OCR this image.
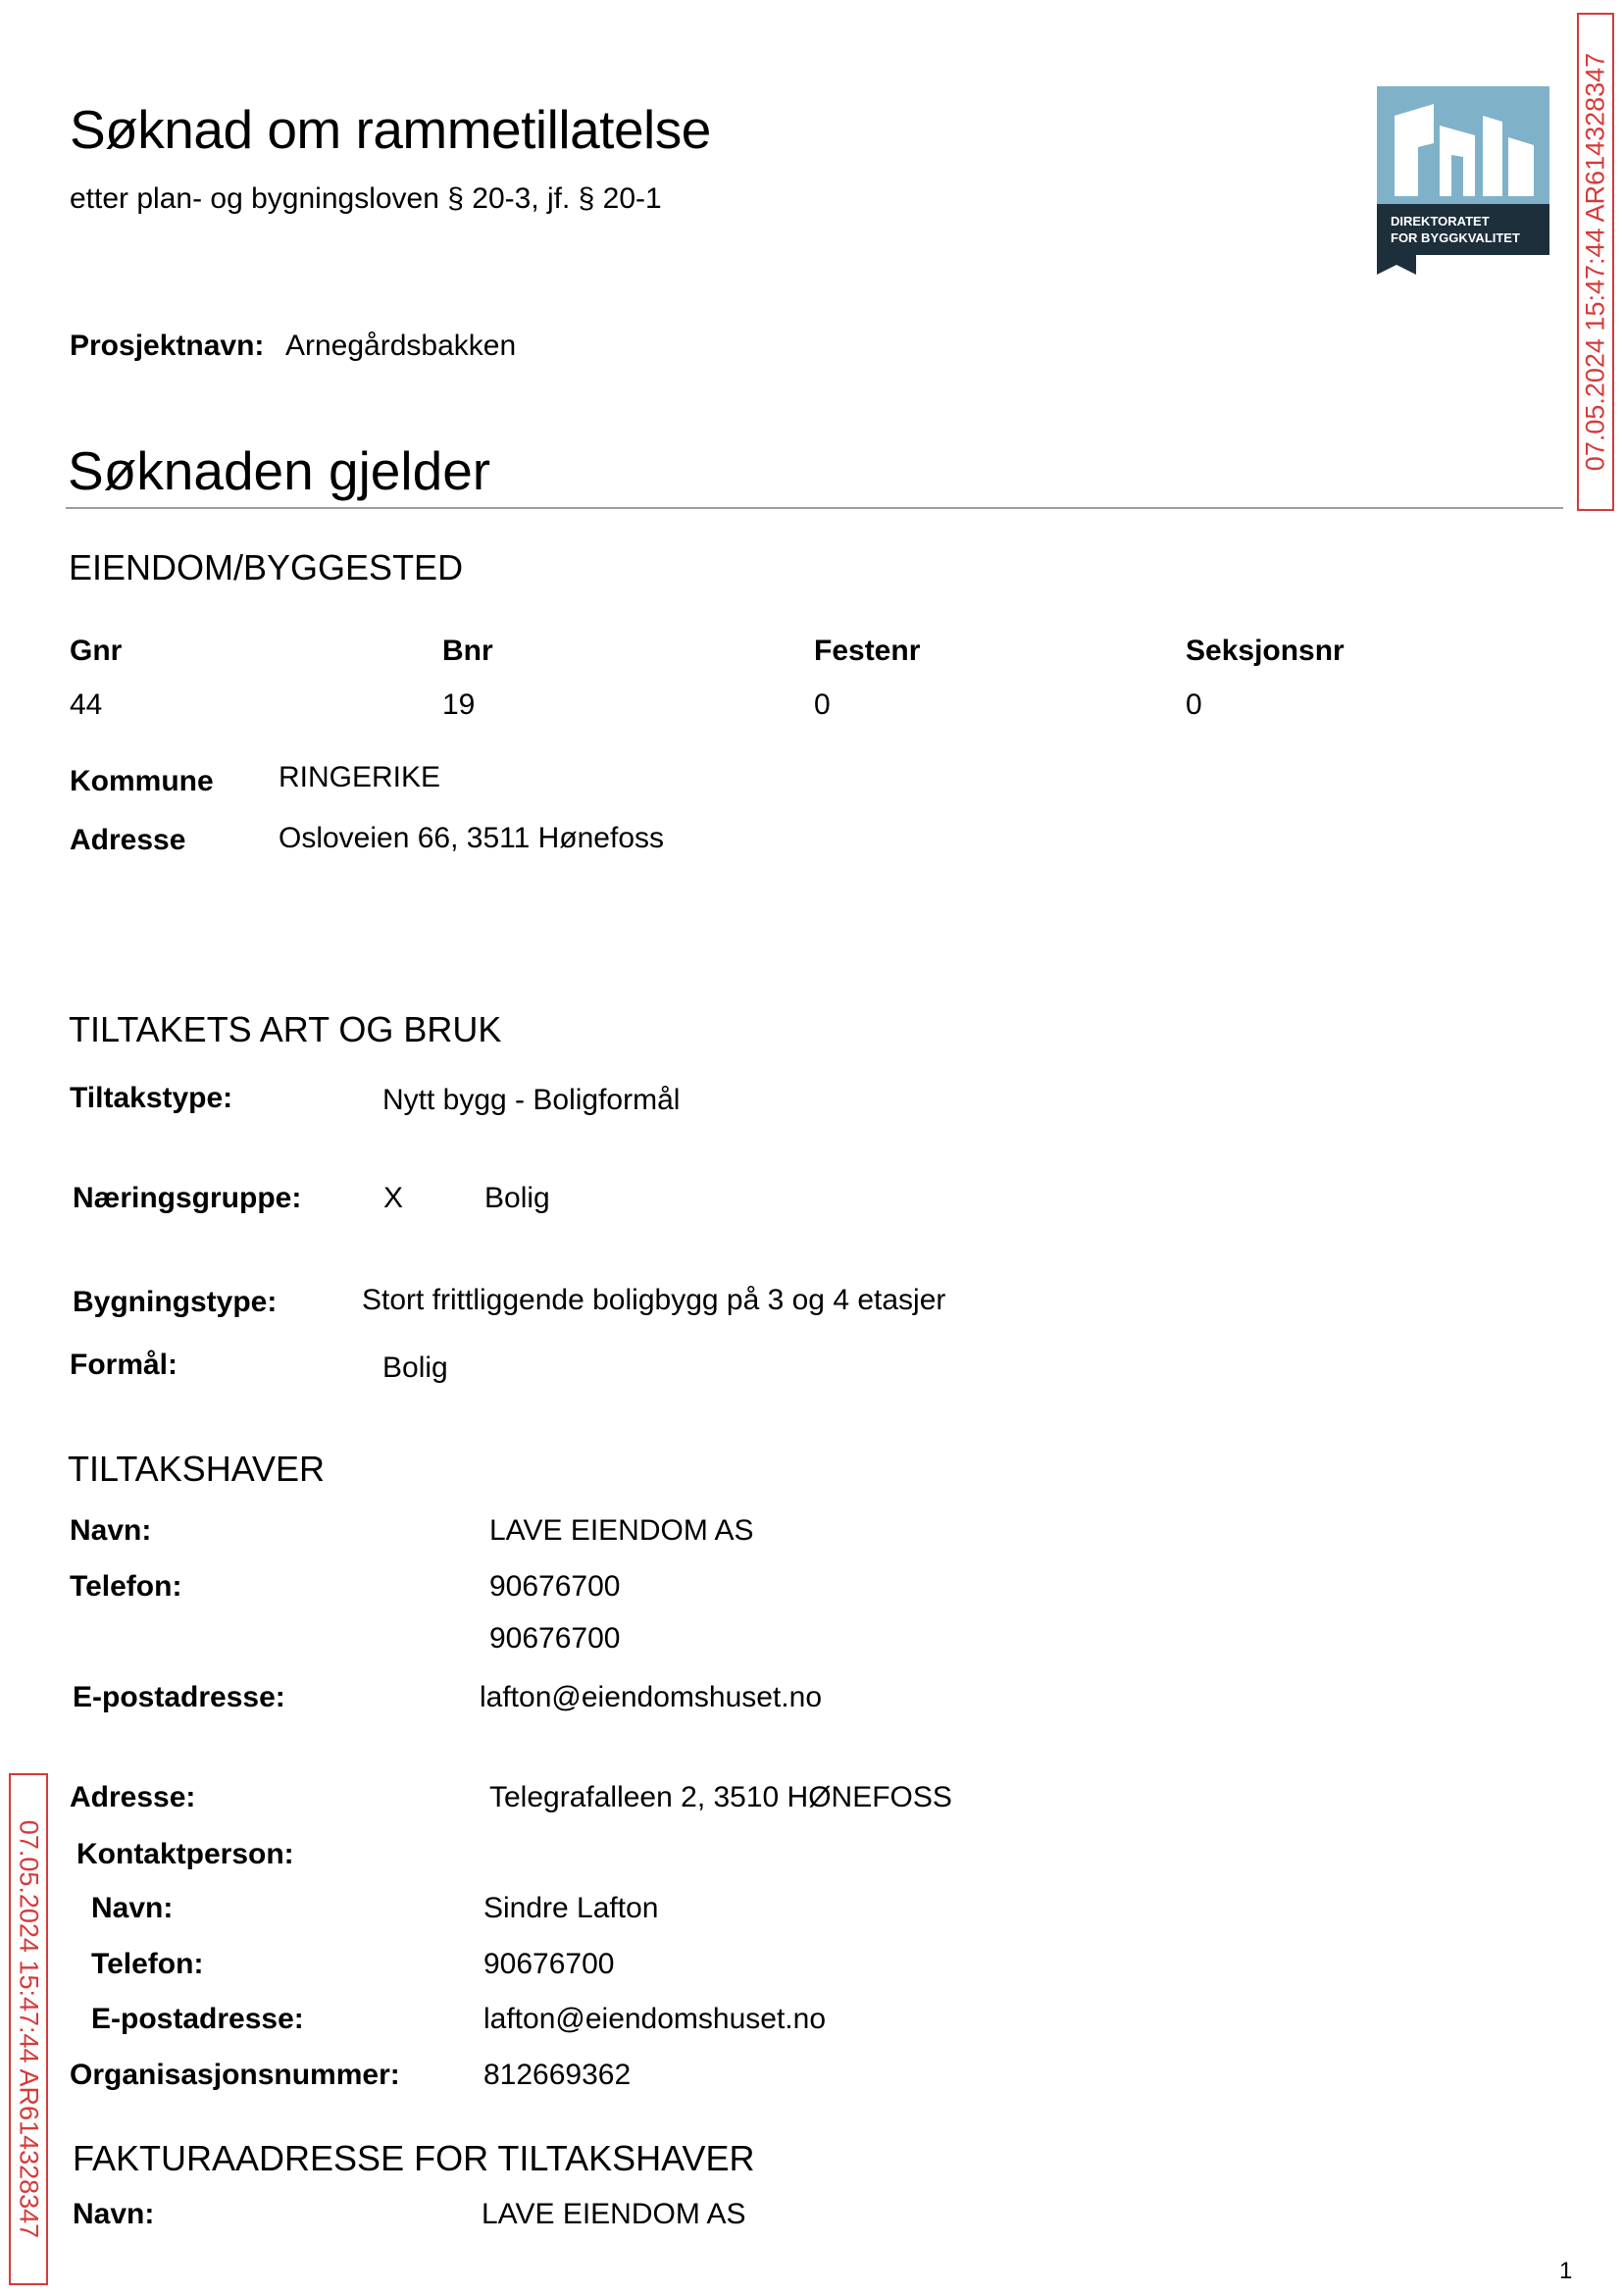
Søknad om rammetillatelse
etter plan- og bygningsloven § 20-3, jf. § 20-1
DIREKTORATET
FOR BYGGKVALITET 07.05.2024 15:47:44 AR614328347
Prosjektnavn: Arnegårdsbakken
Søknaden gjelder
EIENDOM/BYGGESTED
Gnr	Bnr	Festenr	Seksjonsnr
44	19	0	0
Kommune RINGERIKE
Adresse	Osloveien 66, 3511 Hønefoss
TILTAKETS ART OG BRUK
Tiltakstype:	Nytt bygg - Boligformål
Næringsgruppe:	X	Bolig
Bygningstype:	Stort frittliggende boligbygg på 3 og 4 etasjer
Formål:	Bolig
TILTAKSHAVER
Navn:	LAVE EIENDOM AS
Telefon:	90676700
90676700
E-postadresse:	lafton@eiendomshuset.no
Adresse:	Telegrafalleen 2, 3510 HØNEFOSS
Kontaktperson:
Navn:	Sindre Lafton
Telefon:	90676700
E-postadresse:	lafton@eiendomshuset.no
Organisasjonsnummer:	812669362
FAKTURAADRESSE FOR TILTAKSHAVER
Navn:	LAVE EIENDOM AS
07.05.2024 15:47:44 AR614328347
1
